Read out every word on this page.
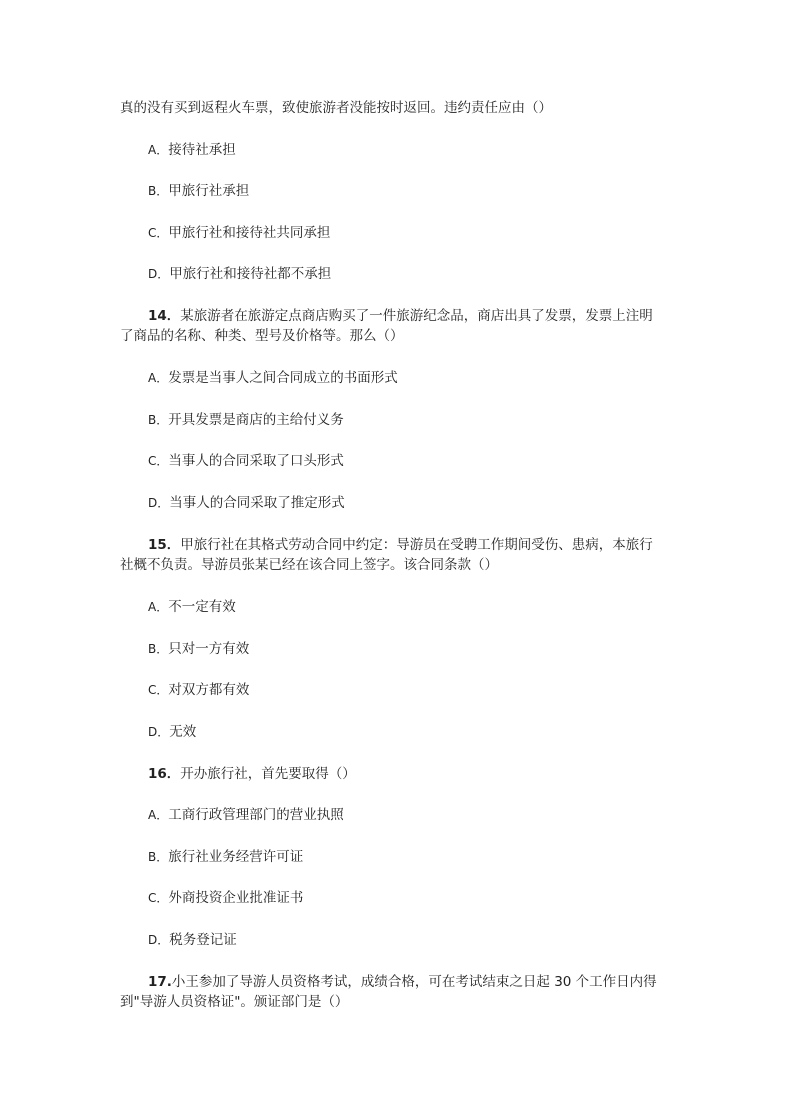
真的没有买到返程火车票，致使旅游者没能按时返回。违约责任应由（）
A．接待社承担
B．甲旅行社承担
C．甲旅行社和接待社共同承担
D．甲旅行社和接待社都不承担
14．某旅游者在旅游定点商店购买了一件旅游纪念品，商店出具了发票，发票上注明
了商品的名称、种类、型号及价格等。那么（）
A．发票是当事人之间合同成立的书面形式
B．开具发票是商店的主给付义务
C．当事人的合同采取了口头形式
D．当事人的合同采取了推定形式
15．甲旅行社在其格式劳动合同中约定：导游员在受聘工作期间受伤、患病，本旅行
社概不负责。导游员张某已经在该合同上签字。该合同条款（）
A．不一定有效
B．只对一方有效
C．对双方都有效
D．无效
16．开办旅行社，首先要取得（）
A．工商行政管理部门的营业执照
B．旅行社业务经营许可证
C．外商投资企业批准证书
D．税务登记证
17.小王参加了导游人员资格考试，成绩合格，可在考试结束之日起 30 个工作日内得
到"导游人员资格证"。颁证部门是（）
